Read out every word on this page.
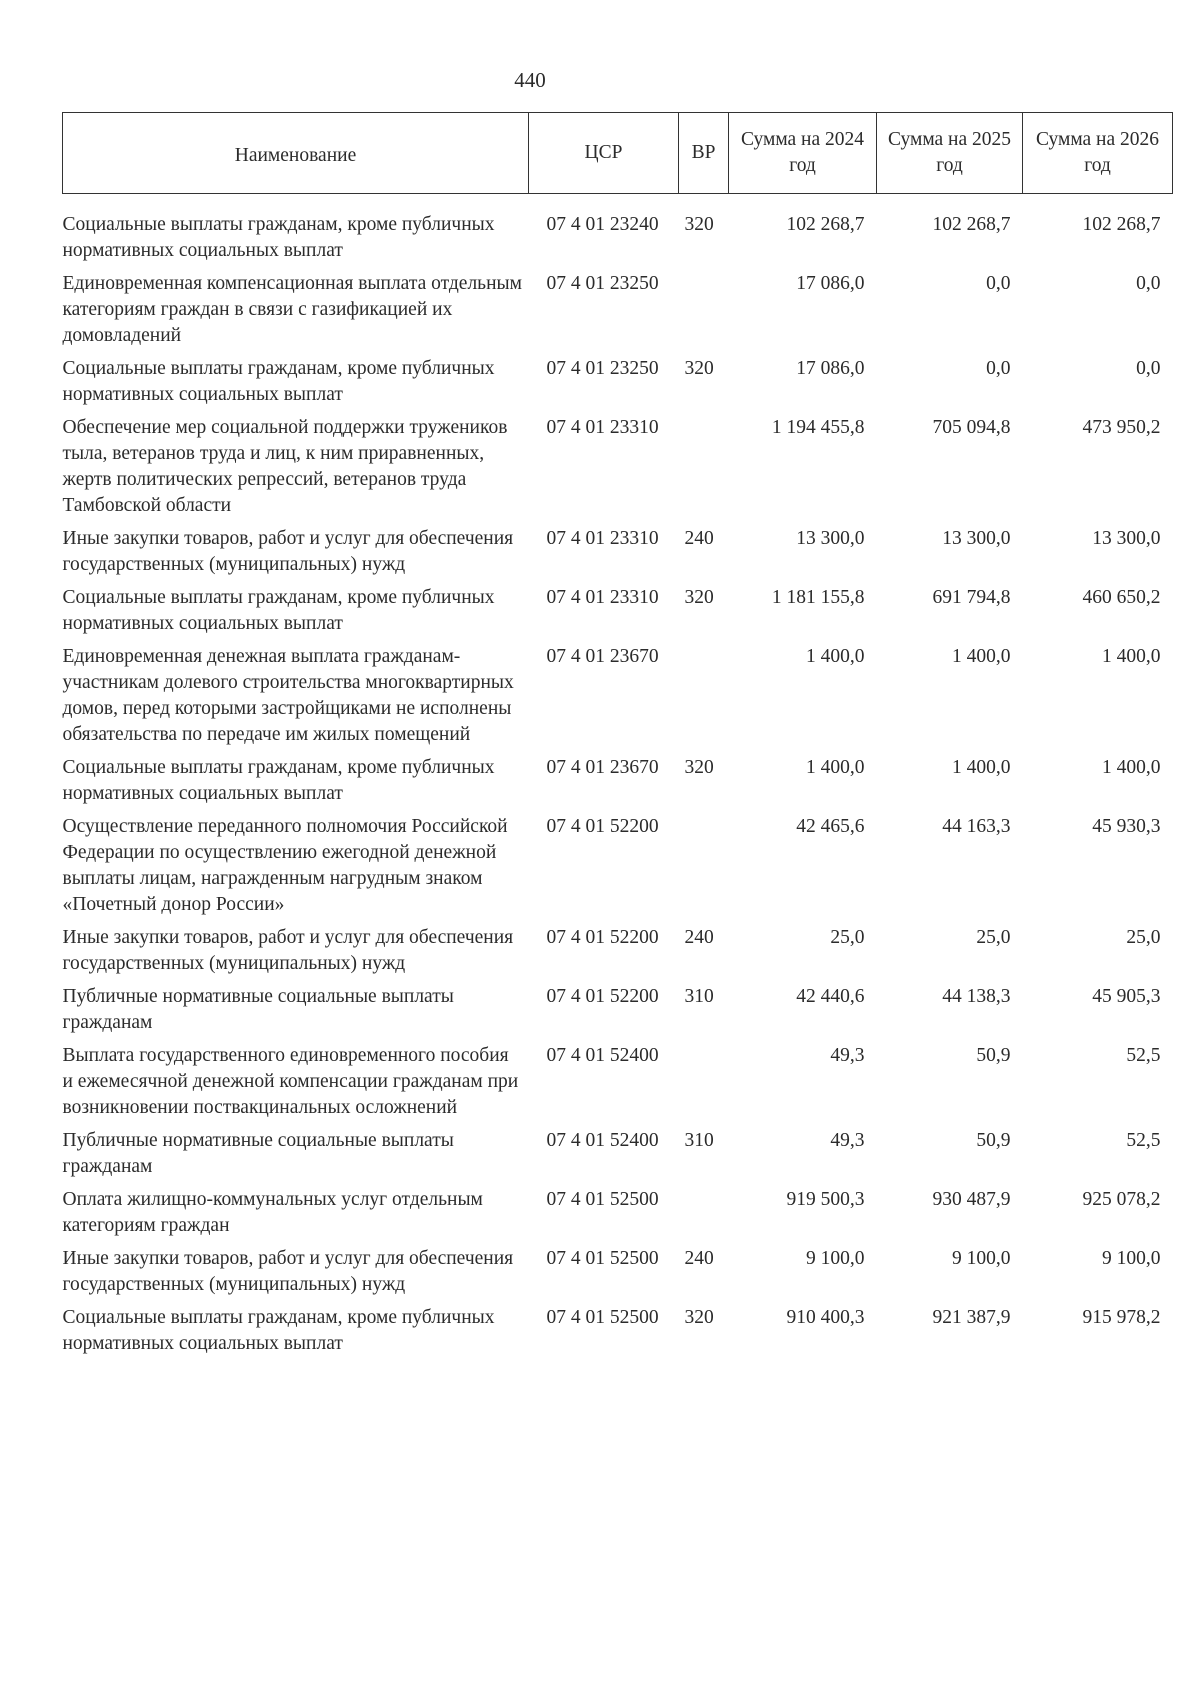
440
Наименование	ЦСР	ВР	Сумма на 2024 год	Сумма на 2025 год	Сумма на 2026 год
Социальные выплаты гражданам, кроме публичных нормативных социальных выплат	07 4 01 23240	320	102 268,7	102 268,7	102 268,7
Единовременная компенсационная выплата отдельным категориям граждан в связи с газификацией их домовладений	07 4 01 23250		17 086,0	0,0	0,0
Социальные выплаты гражданам, кроме публичных нормативных социальных выплат	07 4 01 23250	320	17 086,0	0,0	0,0
Обеспечение мер социальной поддержки тружеников тыла, ветеранов труда и лиц, к ним приравненных, жертв политических репрессий, ветеранов труда Тамбовской области	07 4 01 23310		1 194 455,8	705 094,8	473 950,2
Иные закупки товаров, работ и услуг для обеспечения государственных (муниципальных) нужд	07 4 01 23310	240	13 300,0	13 300,0	13 300,0
Социальные выплаты гражданам, кроме публичных нормативных социальных выплат	07 4 01 23310	320	1 181 155,8	691 794,8	460 650,2
Единовременная денежная выплата гражданам-участникам долевого строительства многоквартирных домов, перед которыми застройщиками не исполнены обязательства по передаче им жилых помещений	07 4 01 23670		1 400,0	1 400,0	1 400,0
Социальные выплаты гражданам, кроме публичных нормативных социальных выплат	07 4 01 23670	320	1 400,0	1 400,0	1 400,0
Осуществление переданного полномочия Российской Федерации по осуществлению ежегодной денежной выплаты лицам, награжденным нагрудным знаком «Почетный донор России»	07 4 01 52200		42 465,6	44 163,3	45 930,3
Иные закупки товаров, работ и услуг для обеспечения государственных (муниципальных) нужд	07 4 01 52200	240	25,0	25,0	25,0
Публичные нормативные социальные выплаты гражданам	07 4 01 52200	310	42 440,6	44 138,3	45 905,3
Выплата государственного единовременного пособия и ежемесячной денежной компенсации гражданам при возникновении поствакцинальных осложнений	07 4 01 52400		49,3	50,9	52,5
Публичные нормативные социальные выплаты гражданам	07 4 01 52400	310	49,3	50,9	52,5
Оплата жилищно-коммунальных услуг отдельным категориям граждан	07 4 01 52500		919 500,3	930 487,9	925 078,2
Иные закупки товаров, работ и услуг для обеспечения государственных (муниципальных) нужд	07 4 01 52500	240	9 100,0	9 100,0	9 100,0
Социальные выплаты гражданам, кроме публичных нормативных социальных выплат	07 4 01 52500	320	910 400,3	921 387,9	915 978,2
